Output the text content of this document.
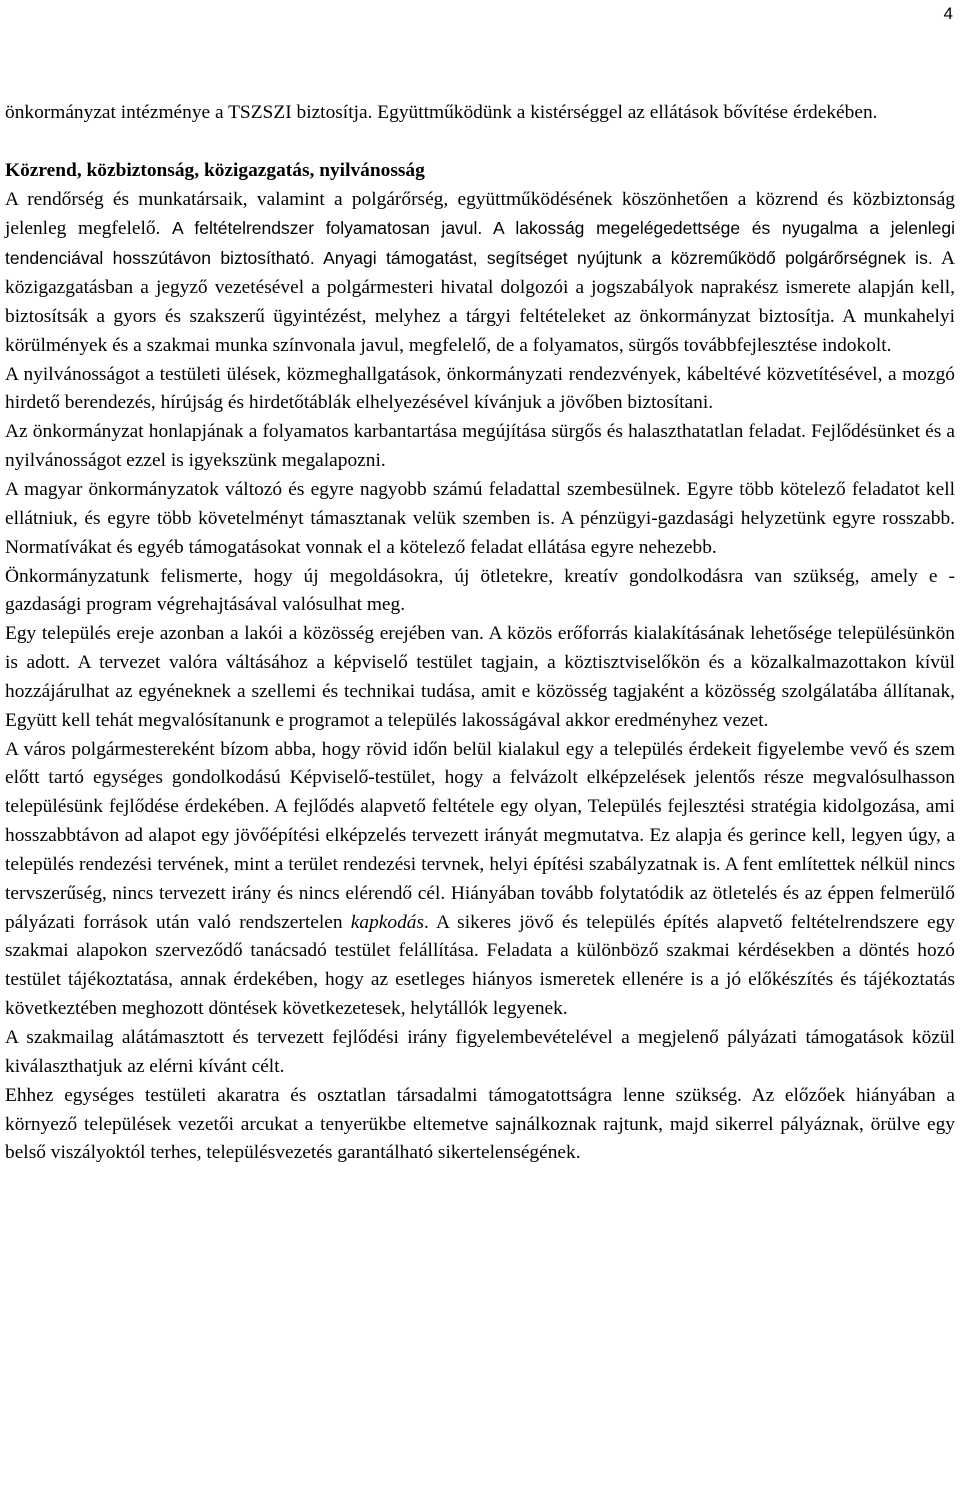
4

önkormányzat intézménye a TSZSZI biztosítja. Együttműködünk a kistérséggel az ellátások bővítése érdekében.

Közrend, közbiztonság, közigazgatás, nyilvánosság

A rendőrség és munkatársaik, valamint a polgárőrség, együttműködésének köszönhetően a közrend és közbiztonság jelenleg megfelelő. A feltételrendszer folyamatosan javul. A lakosság megelégedettsége és nyugalma a jelenlegi tendenciával hosszútávon biztosítható. Anyagi támogatást, segítséget nyújtunk a közreműködő polgárőrségnek is. A közigazgatásban a jegyző vezetésével a polgármesteri hivatal dolgozói a jogszabályok naprakész ismerete alapján kell, biztosítsák a gyors és szakszerű ügyintézést, melyhez a tárgyi feltételeket az önkormányzat biztosítja. A munkahelyi körülmények és a szakmai munka színvonala javul, megfelelő, de a folyamatos, sürgős továbbfejlesztése indokolt.

A nyilvánosságot a testületi ülések, közmeghallgatások, önkormányzati rendezvények, kábeltévé közvetítésével, a mozgó hirdető berendezés, hírújság és hirdetőtáblák elhelyezésével kívánjuk a jövőben biztosítani.

Az önkormányzat honlapjának a folyamatos karbantartása megújítása sürgős és halaszthatatlan feladat. Fejlődésünket és a nyilvánosságot ezzel is igyekszünk megalapozni.

A magyar önkormányzatok változó és egyre nagyobb számú feladattal szembesülnek. Egyre több kötelező feladatot kell ellátniuk, és egyre több követelményt támasztanak velük szemben is. A pénzügyi-gazdasági helyzetünk egyre rosszabb. Normatívákat és egyéb támogatásokat vonnak el a kötelező feladat ellátása egyre nehezebb.

Önkormányzatunk felismerte, hogy új megoldásokra, új ötletekre, kreatív gondolkodásra van szükség, amely e - gazdasági program végrehajtásával valósulhat meg.

Egy település ereje azonban a lakói a közösség erejében van. A közös erőforrás kialakításának lehetősége településünkön is adott. A tervezet valóra váltásához a képviselő testület tagjain, a köztisztviselőkön és a közalkalmazottakon kívül hozzájárulhat az egyéneknek a szellemi és technikai tudása, amit e közösség tagjaként a közösség szolgálatába állítanak, Együtt kell tehát megvalósítanunk e programot a település lakosságával akkor eredményhez vezet.

A város polgármestereként bízom abba, hogy rövid időn belül kialakul egy a település érdekeit figyelembe vevő és szem előtt tartó egységes gondolkodású Képviselő-testület, hogy a felvázolt elképzelések jelentős része megvalósulhasson településünk fejlődése érdekében. A fejlődés alapvető feltétele egy olyan, Település fejlesztési stratégia kidolgozása, ami hosszabbtávon ad alapot egy jövőépítési elképzelés tervezett irányát megmutatva. Ez alapja és gerince kell, legyen úgy, a település rendezési tervének, mint a terület rendezési tervnek, helyi építési szabályzatnak is. A fent említettek nélkül nincs tervszerűség, nincs tervezett irány és nincs elérendő cél. Hiányában tovább folytatódik az ötletelés és az éppen felmerülő pályázati források után való rendszertelen kapkodás. A sikeres jövő és település építés alapvető feltételrendszere egy szakmai alapokon szerveződő tanácsadó testület felállítása. Feladata a különböző szakmai kérdésekben a döntés hozó testület tájékoztatása, annak érdekében, hogy az esetleges hiányos ismeretek ellenére is a jó előkészítés és tájékoztatás következtében meghozott döntések következetesek, helytállók legyenek.

A szakmailag alátámasztott és tervezett fejlődési irány figyelembevételével a megjelenő pályázati támogatások közül kiválaszthatjuk az elérni kívánt célt.

Ehhez egységes testületi akaratra és osztatlan társadalmi támogatottságra lenne szükség. Az előzőek hiányában a környező települések vezetői arcukat a tenyerükbe eltemetve sajnálkoznak rajtunk, majd sikerrel pályáznak, örülve egy belső viszályoktól terhes, településvezetés garantálható sikertelenségének.
